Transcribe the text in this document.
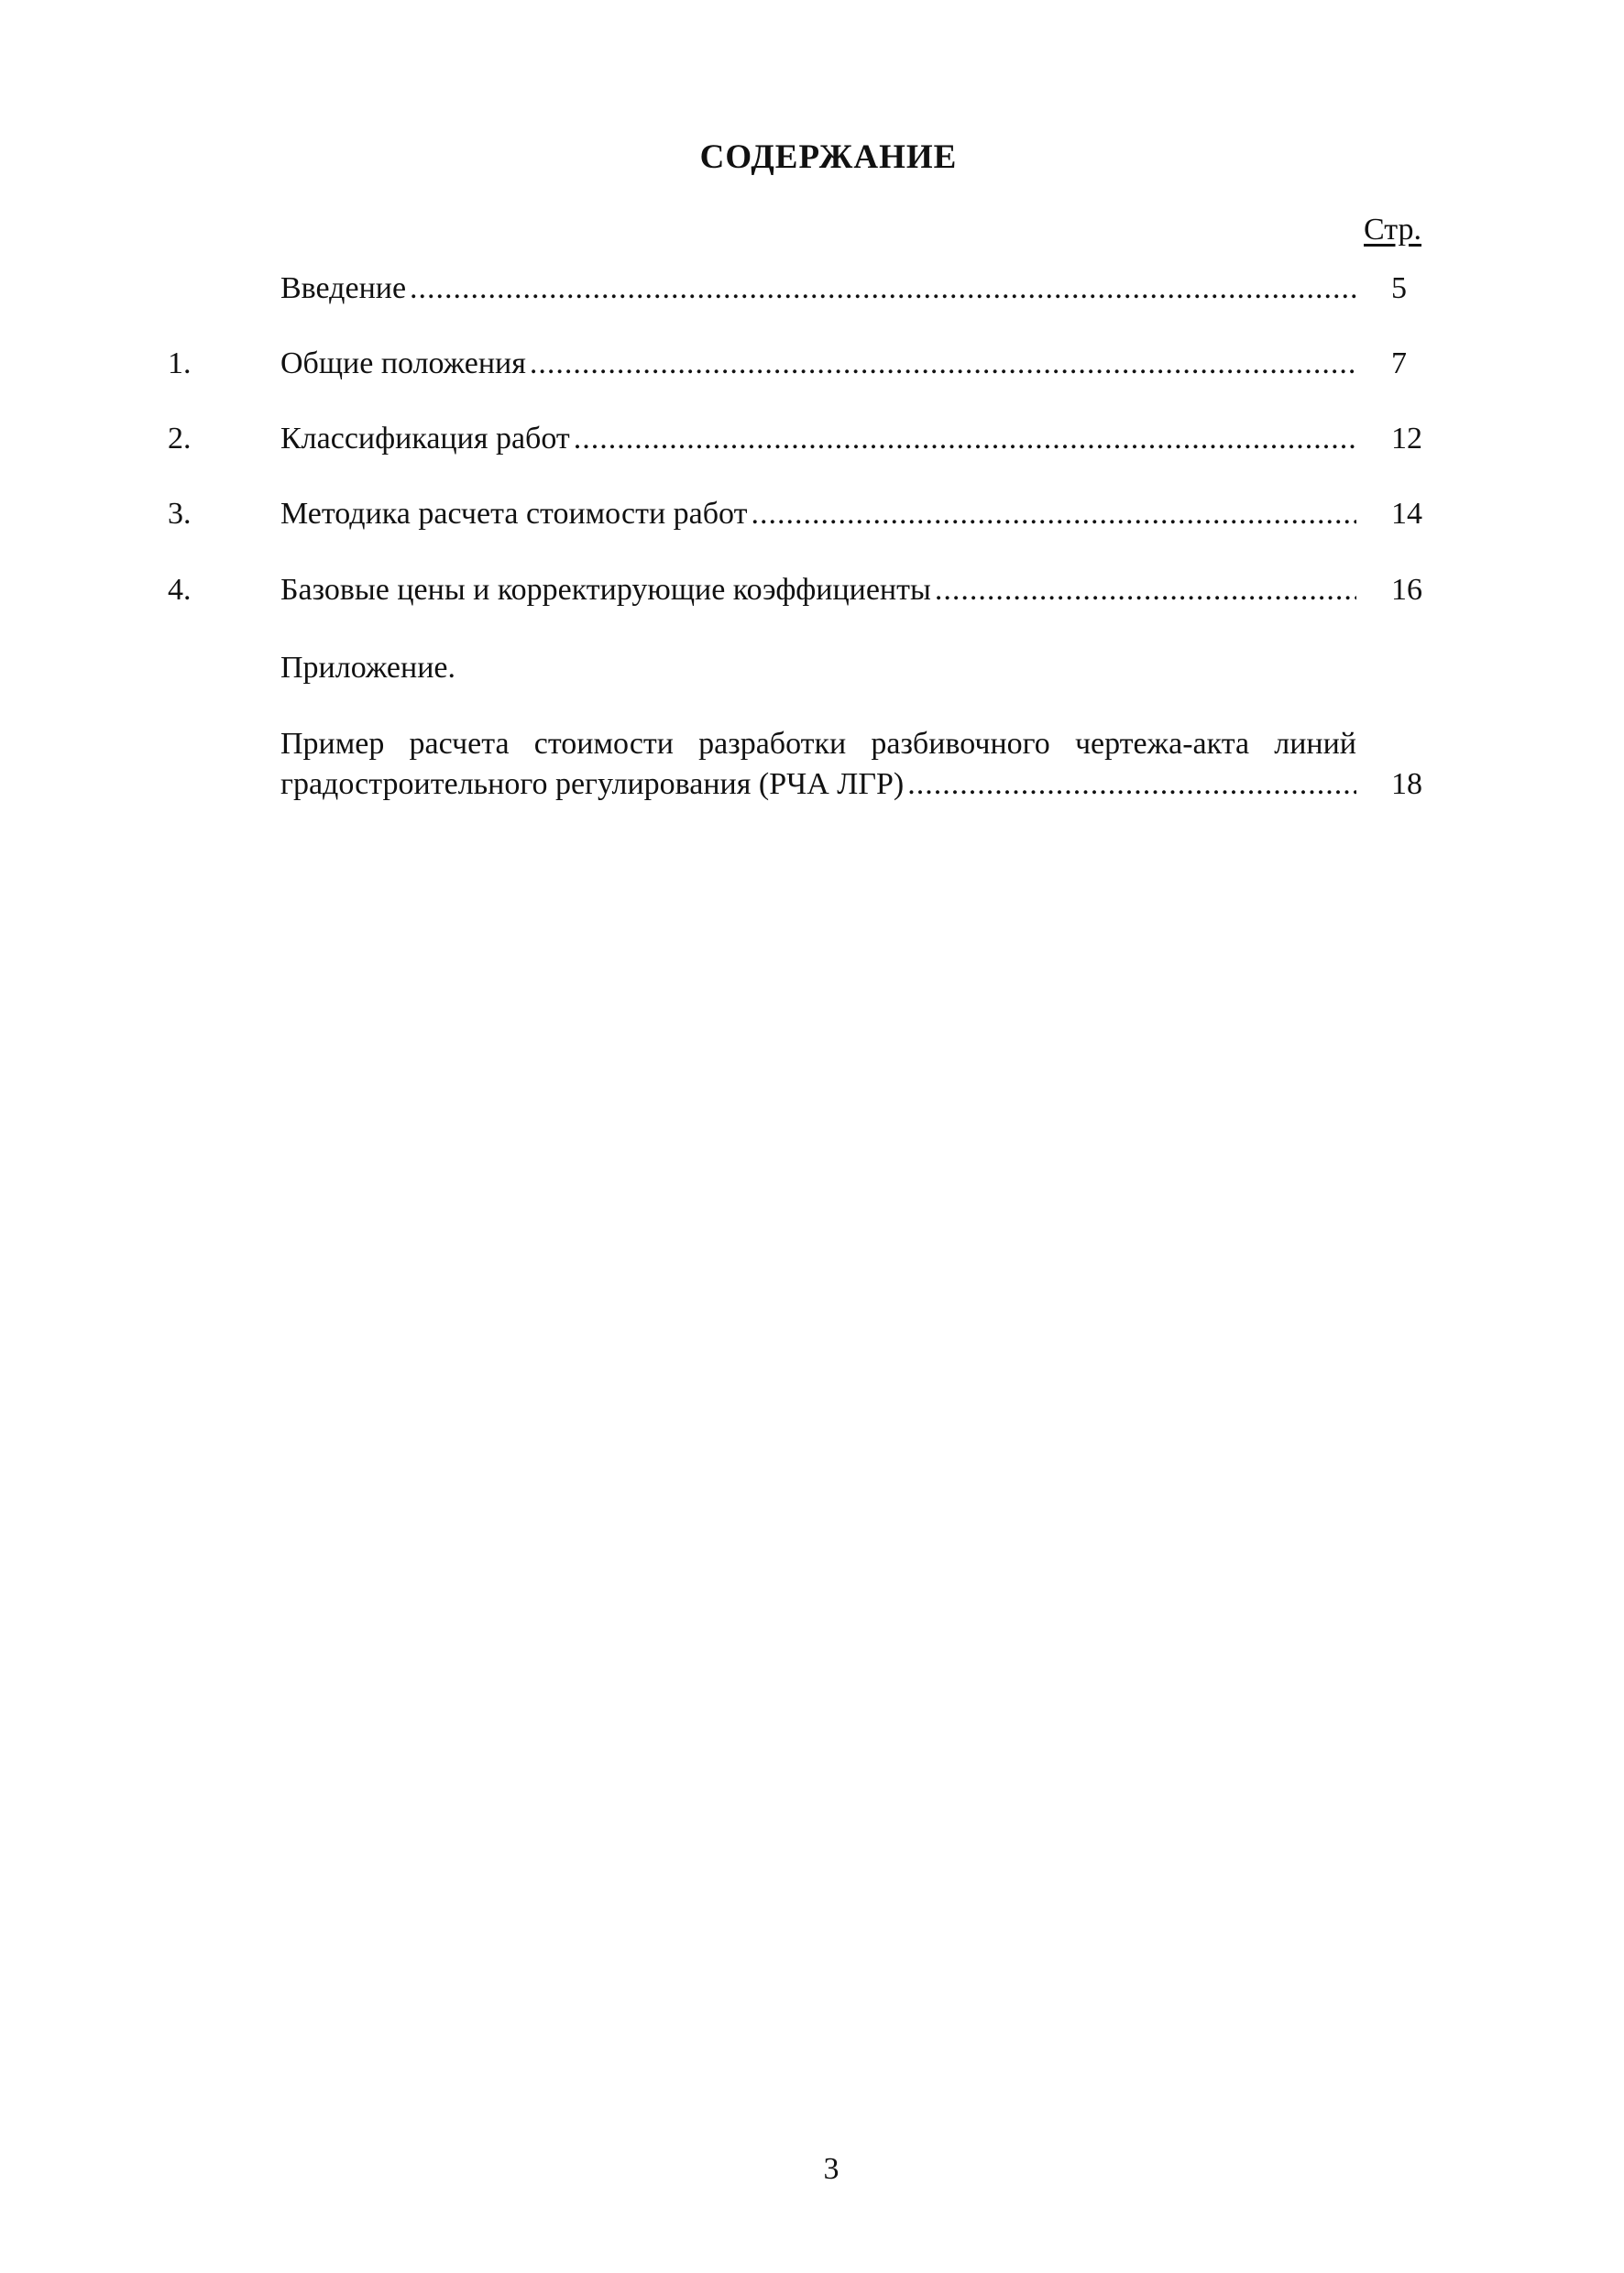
СОДЕРЖАНИЕ
Стр.
Введение .....	5
1.	Общие положения .....	7
2.	Классификация работ .....	12
3.	Методика расчета стоимости работ .....	14
4.	Базовые цены и корректирующие коэффициенты .....	16
Приложение.
Пример расчета стоимости разработки разбивочного чертежа-акта линий
градостроительного регулирования (РЧА ЛГР) .....	18
3
